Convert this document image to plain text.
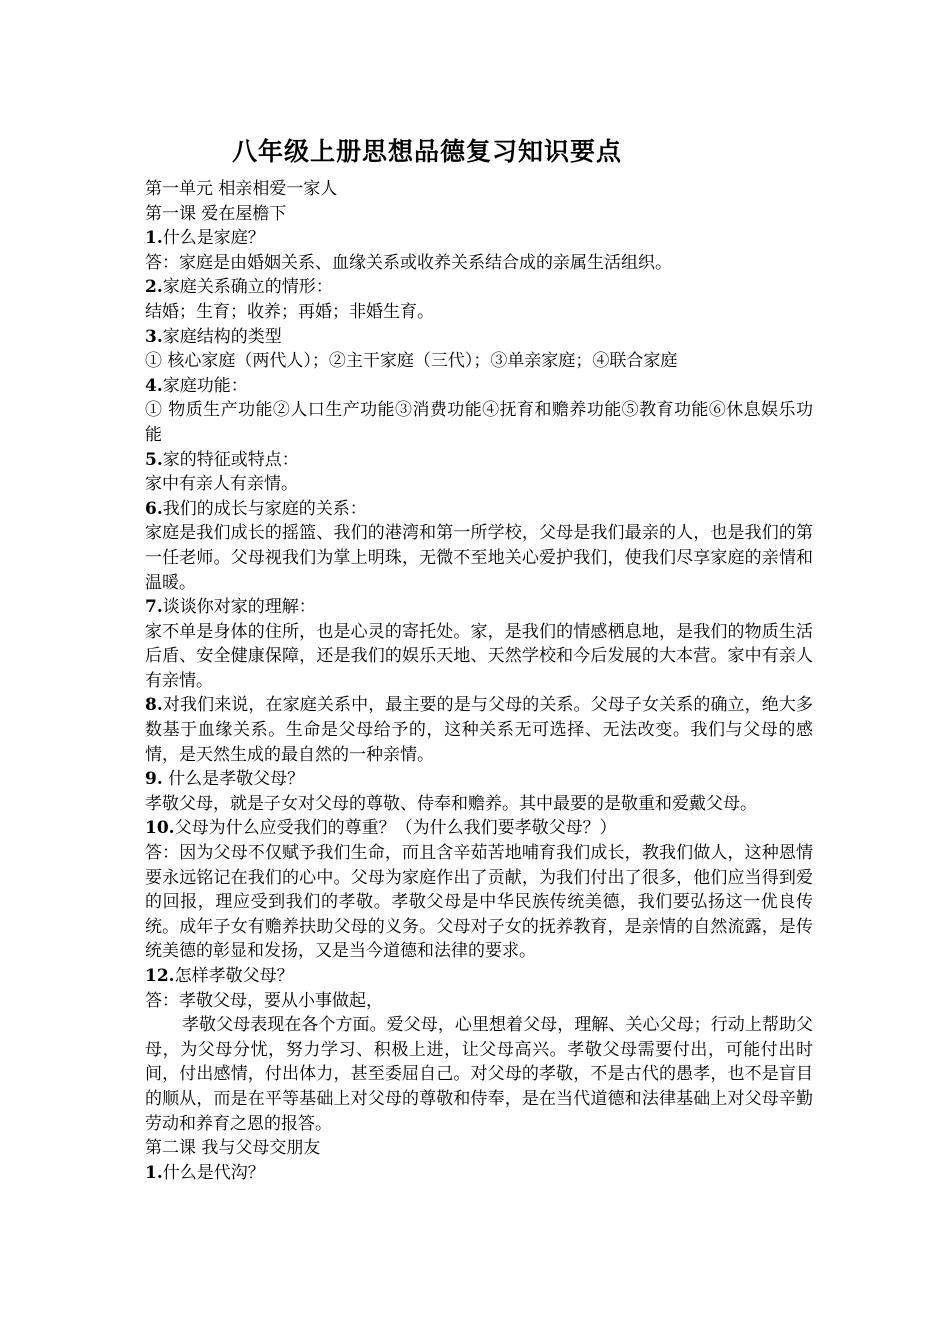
八年级上册思想品德复习知识要点

第一单元 相亲相爱一家人

第一课 爱在屋檐下

1.什么是家庭？

答：家庭是由婚姻关系、血缘关系或收养关系结合成的亲属生活组织。

2.家庭关系确立的情形：

结婚；生育；收养；再婚；非婚生育。

3.家庭结构的类型

① 核心家庭（两代人）；②主干家庭（三代）；③单亲家庭；④联合家庭

4.家庭功能：

① 物质生产功能②人口生产功能③消费功能④抚育和赡养功能⑤教育功能⑥休息娱乐功能

5.家的特征或特点：

家中有亲人有亲情。

6.我们的成长与家庭的关系：

家庭是我们成长的摇篮、我们的港湾和第一所学校，父母是我们最亲的人，也是我们的第一任老师。父母视我们为掌上明珠，无微不至地关心爱护我们，使我们尽享家庭的亲情和温暖。

7.谈谈你对家的理解：

家不单是身体的住所，也是心灵的寄托处。家，是我们的情感栖息地，是我们的物质生活后盾、安全健康保障，还是我们的娱乐天地、天然学校和今后发展的大本营。家中有亲人有亲情。

8.对我们来说，在家庭关系中，最主要的是与父母的关系。父母子女关系的确立，绝大多数基于血缘关系。生命是父母给予的，这种关系无可选择、无法改变。我们与父母的感情，是天然生成的最自然的一种亲情。

9. 什么是孝敬父母？

孝敬父母，就是子女对父母的尊敬、侍奉和赡养。其中最要的是敬重和爱戴父母。

10.父母为什么应受我们的尊重？（为什么我们要孝敬父母？）

答：因为父母不仅赋予我们生命，而且含辛茹苦地哺育我们成长，教我们做人，这种恩情要永远铭记在我们的心中。父母为家庭作出了贡献，为我们付出了很多，他们应当得到爱的回报，理应受到我们的孝敬。孝敬父母是中华民族传统美德，我们要弘扬这一优良传统。成年子女有赡养扶助父母的义务。父母对子女的抚养教育，是亲情的自然流露，是传统美德的彰显和发扬，又是当今道德和法律的要求。

12.怎样孝敬父母？

答：孝敬父母，要从小事做起，

孝敬父母表现在各个方面。爱父母，心里想着父母，理解、关心父母；行动上帮助父母，为父母分忧，努力学习、积极上进，让父母高兴。孝敬父母需要付出，可能付出时间，付出感情，付出体力，甚至委屈自己。对父母的孝敬，不是古代的愚孝，也不是盲目的顺从，而是在平等基础上对父母的尊敬和侍奉，是在当代道德和法律基础上对父母辛勤劳动和养育之恩的报答。

第二课 我与父母交朋友

1.什么是代沟？
